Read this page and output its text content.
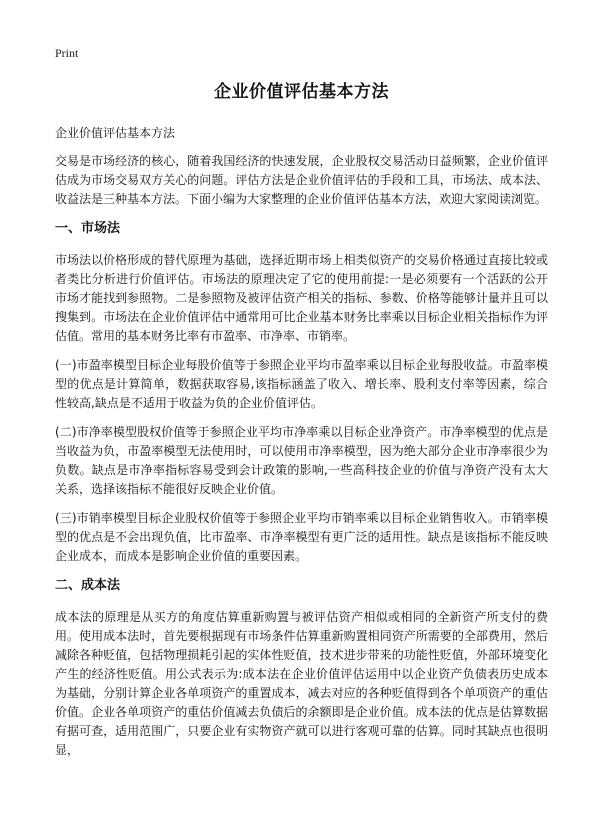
Print
企业价值评估基本方法
企业价值评估基本方法

交易是市场经济的核心，随着我国经济的快速发展，企业股权交易活动日益频繁，企业价值评估成为市场交易双方关心的问题。评估方法是企业价值评估的手段和工具，市场法、成本法、收益法是三种基本方法。下面小编为大家整理的企业价值评估基本方法，欢迎大家阅读浏览。

一、市场法

市场法以价格形成的替代原理为基础，选择近期市场上相类似资产的交易价格通过直接比较或者类比分析进行价值评估。市场法的原理决定了它的使用前提:一是必须要有一个活跃的公开市场才能找到参照物。二是参照物及被评估资产相关的指标、参数、价格等能够计量并且可以搜集到。市场法在企业价值评估中通常用可比企业基本财务比率乘以目标企业相关指标作为评估值。常用的基本财务比率有市盈率、市净率、市销率。

(一)市盈率模型目标企业每股价值等于参照企业平均市盈率乘以目标企业每股收益。市盈率模型的优点是计算简单，数据获取容易,该指标涵盖了收入、增长率、股利支付率等因素，综合性较高,缺点是不适用于收益为负的企业价值评估。

(二)市净率模型股权价值等于参照企业平均市净率乘以目标企业净资产。市净率模型的优点是当收益为负，市盈率模型无法使用时，可以使用市净率模型，因为绝大部分企业市净率很少为负数。缺点是市净率指标容易受到会计政策的影响,一些高科技企业的价值与净资产没有太大关系，选择该指标不能很好反映企业价值。

(三)市销率模型目标企业股权价值等于参照企业平均市销率乘以目标企业销售收入。市销率模型的优点是不会出现负值，比市盈率、市净率模型有更广泛的适用性。缺点是该指标不能反映企业成本，而成本是影响企业价值的重要因素。

二、成本法

成本法的原理是从买方的角度估算重新购置与被评估资产相似或相同的全新资产所支付的费用。使用成本法时，首先要根据现有市场条件估算重新购置相同资产所需要的全部费用，然后减除各种贬值，包括物理损耗引起的实体性贬值，技术进步带来的功能性贬值，外部环境变化产生的经济性贬值。用公式表示为:成本法在企业价值评估运用中以企业资产负债表历史成本为基础，分别计算企业各单项资产的重置成本，减去对应的各种贬值得到各个单项资产的重估价值。企业各单项资产的重估价值减去负债后的余额即是企业价值。成本法的优点是估算数据有据可查，适用范围广，只要企业有实物资产就可以进行客观可靠的估算。同时其缺点也很明显，
